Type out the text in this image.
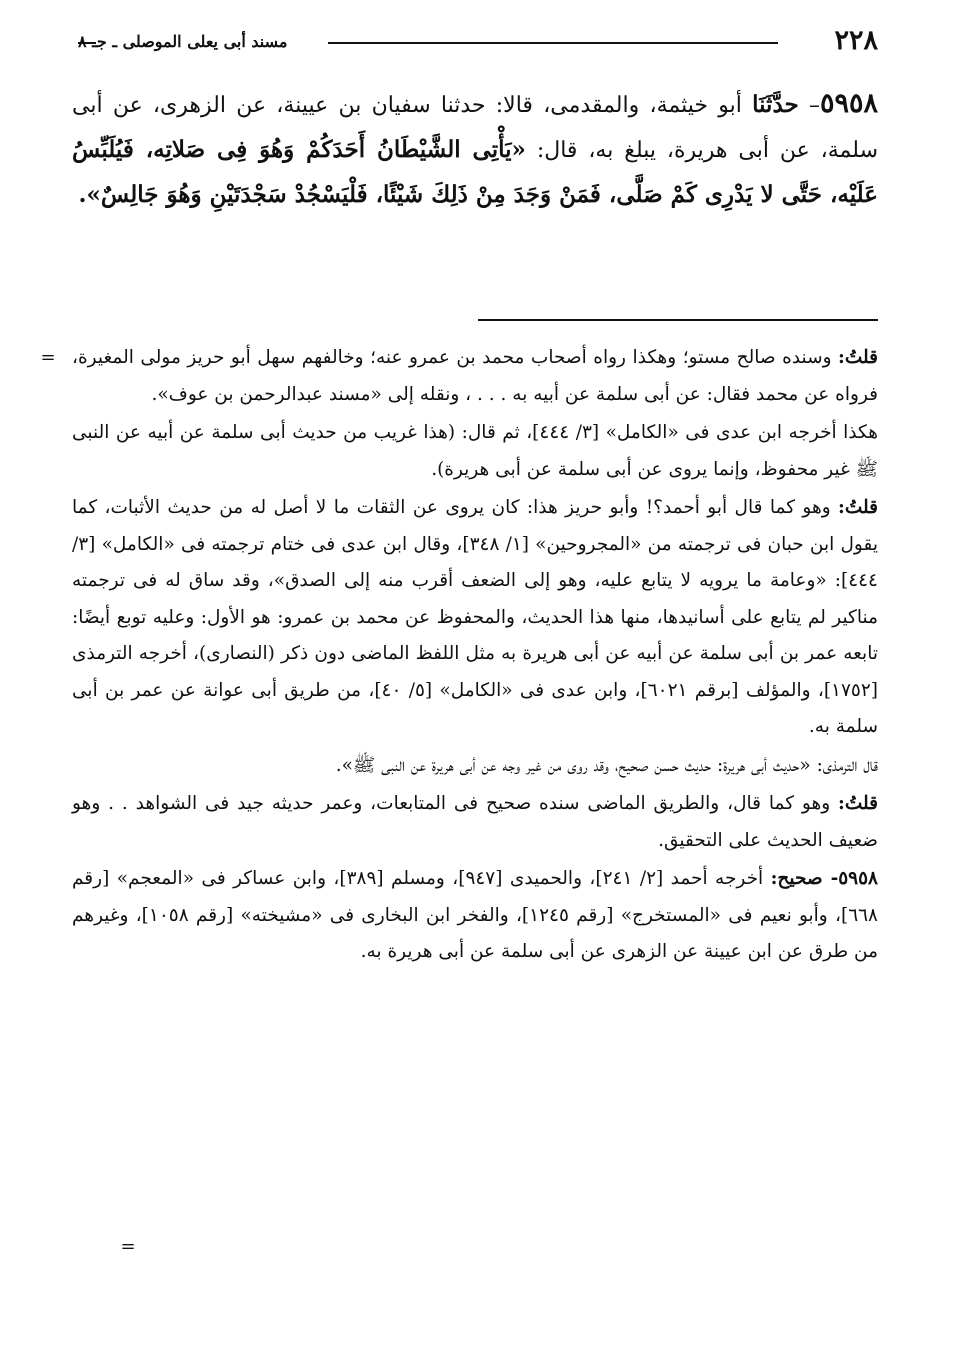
٢٢٨
مسند أبى يعلى الموصلى ـ جـ ٨
٥٩٥٨– حدَّثَنَا أبو خيثمة، والمقدمى، قالا: حدثنا سفيان بن عيينة، عن الزهرى، عن أبى سلمة، عن أبى هريرة، يبلغ به، قال: «يَأْتِى الشَّيْطَانُ أَحَدَكُمْ وَهُوَ فِى صَلاتِه، فَيُلَبِّسُ عَلَيْه، حَتَّى لا يَدْرِى كَمْ صَلَّى، فَمَنْ وَجَدَ مِنْ ذَلِكَ شَيْئًا، فَلْيَسْجُدْ سَجْدَتَيْنِ وَهُوَ جَالِسٌ».
=	قلتُ: وسنده صالح مستو؛ وهكذا رواه أصحاب محمد بن عمرو عنه؛ وخالفهم سهل أبو حريز مولى المغيرة، فرواه عن محمد فقال: عن أبى سلمة عن أبيه به . . . ، ونقله إلى «مسند عبدالرحمن بن عوف».

هكذا أخرجه ابن عدى فى «الكامل» [٣/ ٤٤٤]، ثم قال: (هذا غريب من حديث أبى سلمة عن أبيه عن النبى ﷺ غير محفوظ، وإنما يروى عن أبى سلمة عن أبى هريرة).

قلتُ: وهو كما قال أبو أحمد؟! وأبو حريز هذا: كان يروى عن الثقات ما لا أصل له من حديث الأثبات، كما يقول ابن حبان فى ترجمته من «المجروحين» [١/ ٣٤٨]، وقال ابن عدى فى ختام ترجمته فى «الكامل» [٣/ ٤٤٤]: «وعامة ما يرويه لا يتابع عليه، وهو إلى الضعف أقرب منه إلى الصدق»، وقد ساق له فى ترجمته مناكير لم يتابع على أسانيدها، منها هذا الحديث، والمحفوظ عن محمد بن عمرو: هو الأول: وعليه توبع أيضًا: تابعه عمر بن أبى سلمة عن أبيه عن أبى هريرة به مثل اللفظ الماضى دون ذكر (النصارى)، أخرجه الترمذى [١٧٥٢]، والمؤلف [برقم ٦٠٢١]، وابن عدى فى «الكامل» [٥/ ٤٠]، من طريق أبى عوانة عن عمر بن أبى سلمة به.

قال الترمذى: «حديث أبى هريرة: حديث حسن صحيح، وقد روى من غير وجه عن أبى هريرة عن النبى ﷺ».

قلتُ: وهو كما قال، والطريق الماضى سنده صحيح فى المتابعات، وعمر حديثه جيد فى الشواهد . . وهو ضعيف الحديث على التحقيق.

٥٩٥٨- صحيح: أخرجه أحمد [٢/ ٢٤١]، والحميدى [٩٤٧]، ومسلم [٣٨٩]، وابن عساكر فى «المعجم» [رقم ٦٦٨]، وأبو نعيم فى «المستخرج» [رقم ١٢٤٥]، والفخر ابن البخارى فى «مشيخته» [رقم ١٠٥٨]، وغيرهم من طرق عن ابن عيينة عن الزهرى عن أبى سلمة عن أبى هريرة به.

=
